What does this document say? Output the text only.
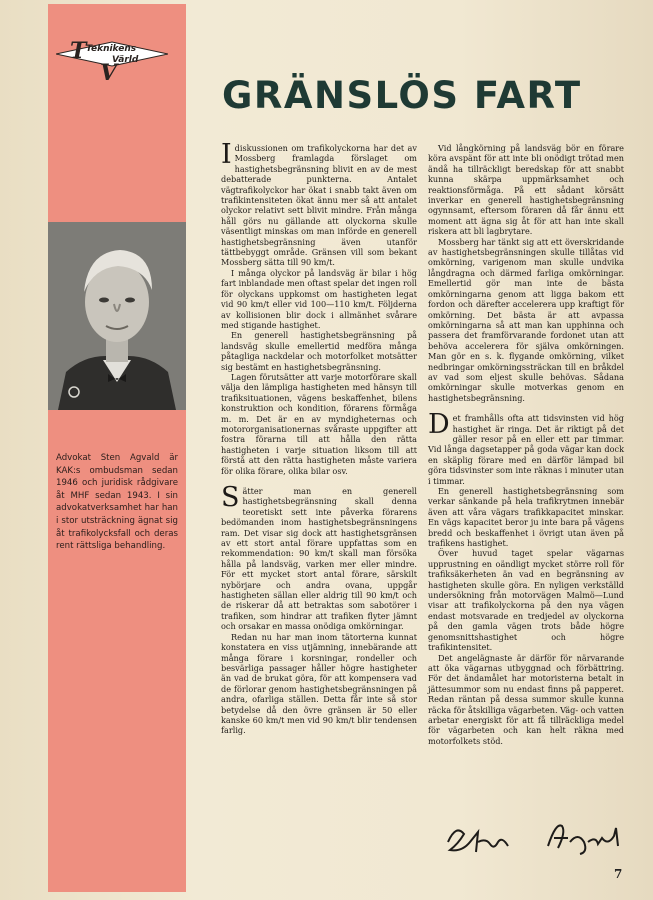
T Teknikens
V
Värld
Advokat Sten Agvald är KAK:s ombudsman sedan 1946 och juridisk rådgivare åt MHF sedan 1943. I sin advokatverksamhet har han i stor utsträckning ägnat sig åt trafikolycksfall och deras rent rättsliga behandling.
GRÄNSLÖS FART

Idiskussionen om trafikolyckorna har det av Mossberg framlagda förslaget om hastighetsbegränsning blivit en av de mest debatterade punkterna. Antalet vägtrafikolyckor har ökat i snabb takt även om trafikintensiteten ökat ännu mer så att antalet olyckor relativt sett blivit mindre. Från många håll görs nu gällande att olyckorna skulle väsentligt minskas om man införde en generell hastighetsbegränsning även utanför tättbebyggt område. Gränsen vill som bekant Mossberg sätta till 90 km/t.

I många olyckor på landsväg är bilar i hög fart inblandade men oftast spelar det ingen roll för olyckans uppkomst om hastigheten legat vid 90 km/t eller vid 100—110 km/t. Följderna av kollisionen blir dock i allmänhet svårare med stigande hastighet.

En generell hastighetsbegränsning på landsväg skulle emellertid medföra många påtagliga nackdelar och motorfolket motsätter sig bestämt en hastighetsbegränsning.

Lagen förutsätter att varje motorförare skall välja den lämpliga hastigheten med hänsyn till trafiksituationen, vägens beskaffenhet, bilens konstruktion och kondition, förarens förmåga m. m. Det är en av myndigheternas och motororganisationernas svåraste uppgifter att fostra förarna till att hålla den rätta hastigheten i varje situation liksom till att förstå att den rätta hastigheten måste variera för olika förare, olika bilar osv.

Sätter man en generell hastighetsbegränsning skall denna teoretiskt sett inte påverka förarens bedömanden inom hastighetsbegränsningens ram. Det visar sig dock att hastighetsgränsen av ett stort antal förare uppfattas som en rekommendation: 90 km/t skall man försöka hålla på landsväg, varken mer eller mindre. För ett mycket stort antal förare, särskilt nybörjare och andra ovana, uppgår hastigheten sällan eller aldrig till 90 km/t och de riskerar då att betraktas som sabotörer i trafiken, som hindrar att trafiken flyter jämnt och orsakar en massa onödiga omkörningar.

Redan nu har man inom tätorterna kunnat konstatera en viss utjämning, innebärande att många förare i korsningar, rondeller och besvärliga passager håller högre hastigheter än vad de brukat göra, för att kompensera vad de förlorar genom hastighetsbegränsningen på andra, ofarliga ställen. Detta får inte så stor betydelse då den övre gränsen är 50 eller kanske 60 km/t men vid 90 km/t blir tendensen farlig.

Vid långkörning på landsväg bör en förare köra avspänt för att inte bli onödigt trötad men ändå ha tillräckligt beredskap för att snabbt kunna skärpa uppmärksamhet och reaktionsförmåga. På ett sådant körsätt inverkar en generell hastighetsbegränsning ogynnsamt, eftersom föraren då får ännu ett moment att ägna sig åt för att han inte skall riskera att bli lagbrytare.

Mossberg har tänkt sig att ett överskridande av hastighetsbegränsningen skulle tillåtas vid omkörning, varigenom man skulle undvika långdragna och därmed farliga omkörningar. Emellertid gör man inte de bästa omkörningarna genom att ligga bakom ett fordon och därefter accelerera upp kraftigt för omkörning. Det bästa är att avpassa omkörningarna så att man kan upphinna och passera det framförvarande fordonet utan att behöva accelerera för själva omkörningen. Man gör en s. k. flygande omkörning, vilket nedbringar omkörningssträckan till en bråkdel av vad som eljest skulle behövas. Sådana omkörningar skulle motverkas genom en hastighetsbegränsning.

Det framhålls ofta att tidsvinsten vid hög hastighet är ringa. Det är riktigt på det gäller resor på en eller ett par timmar. Vid långa dagsetapper på goda vägar kan dock en skäplig förare med en därför lämpad bil göra tidsvinster som inte räknas i minuter utan i timmar.

En generell hastighetsbegränsning som verkar sänkande på hela trafikrytmen innebär även att våra vägars trafikkapacitet minskar. En vägs kapacitet beror ju inte bara på vägens bredd och beskaffenhet i övrigt utan även på trafikens hastighet.

Över huvud taget spelar vägarnas upprustning en oändligt mycket större roll för trafiksäkerheten än vad en begränsning av hastigheten skulle göra. En nyligen verkställd undersökning från motorvägen Malmö—Lund visar att trafikolyckorna på den nya vägen endast motsvarade en tredjedel av olyckorna på den gamla vägen trots både högre genomsnittshastighet och högre trafikintensitet.

Det angelägnaste är därför för närvarande att öka vägarnas utbyggnad och förbättring. För det ändamålet har motoristerna betalt in jättesummor som nu endast finns på papperet. Redan räntan på dessa summor skulle kunna räcka för åtskilliga vägarbeten. Väg- och vatten arbetar energiskt för att få tillräckliga medel för vägarbeten och kan helt räkna med motorfolkets stöd.

7
